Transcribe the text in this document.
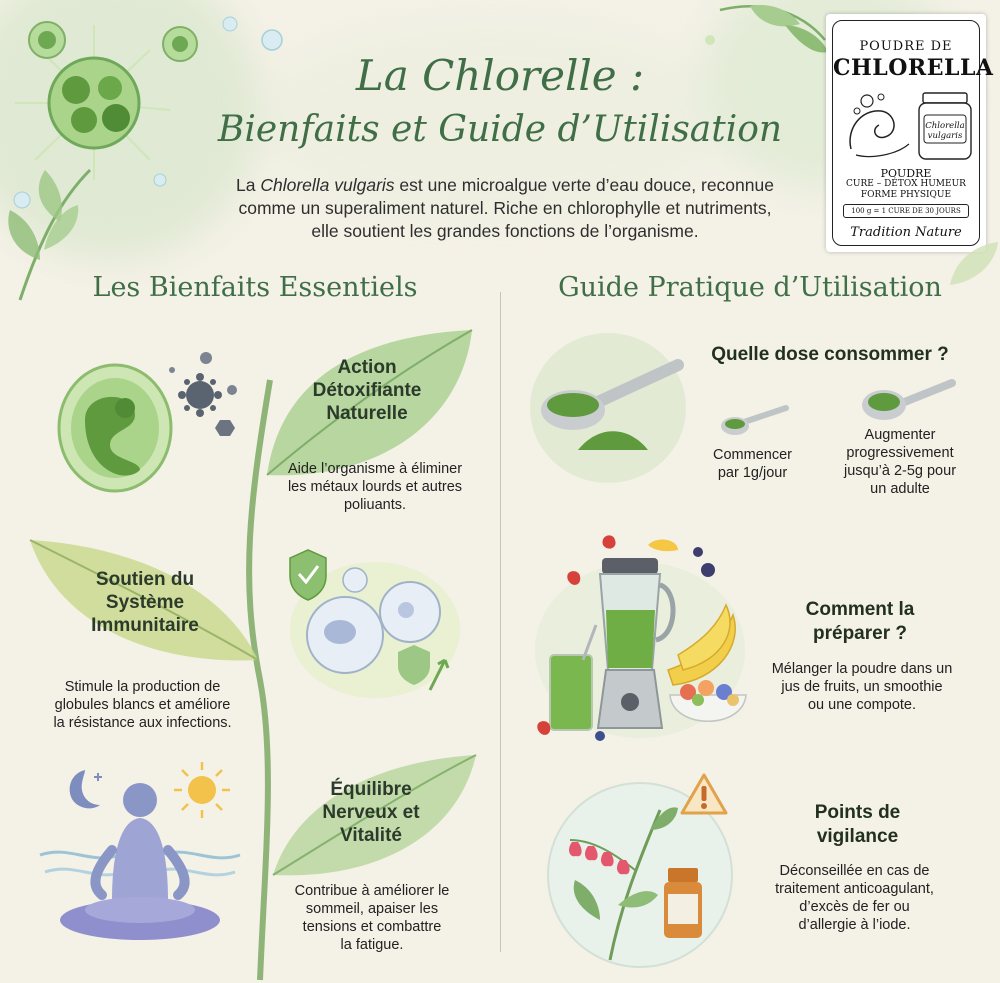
La Chlorelle :
Bienfaits et Guide d’Utilisation
La Chlorella vulgaris est une microalgue verte d’eau douce, reconnue
comme un superaliment naturel. Riche en chlorophylle et nutriments,
elle soutient les grandes fonctions de l’organisme.
POUDRE DE
CHLORELLA
Chlorella
vulgaris
POUDRE
CURE – DÉTOX HUMEUR
FORME PHYSIQUE
100 g = 1 CURE DE 30 JOURS
Tradition Nature
Les Bienfaits Essentiels	Guide Pratique d’Utilisation
Action
Détoxifiante
Naturelle
Aide l’organisme à éliminer
les métaux lourds et autres
poliuants.
Soutien du
Système
Immunitaire
Stimule la production de
globules blancs et améliore
la résistance aux infections.
Équilibre
Nerveux et
Vitalité
Contribue à améliorer le
sommeil, apaiser les
tensions et combattre
la fatigue.
Quelle dose consommer ?
Commencer
par 1g/jour
Augmenter
progressivement
jusqu’à 2-5g pour
un adulte
Comment la
préparer ?
Mélanger la poudre dans un
jus de fruits, un smoothie
ou une compote.
Points de
vigilance
Déconseillée en cas de
traitement anticoagulant,
d’excès de fer ou
d’allergie à l’iode.
